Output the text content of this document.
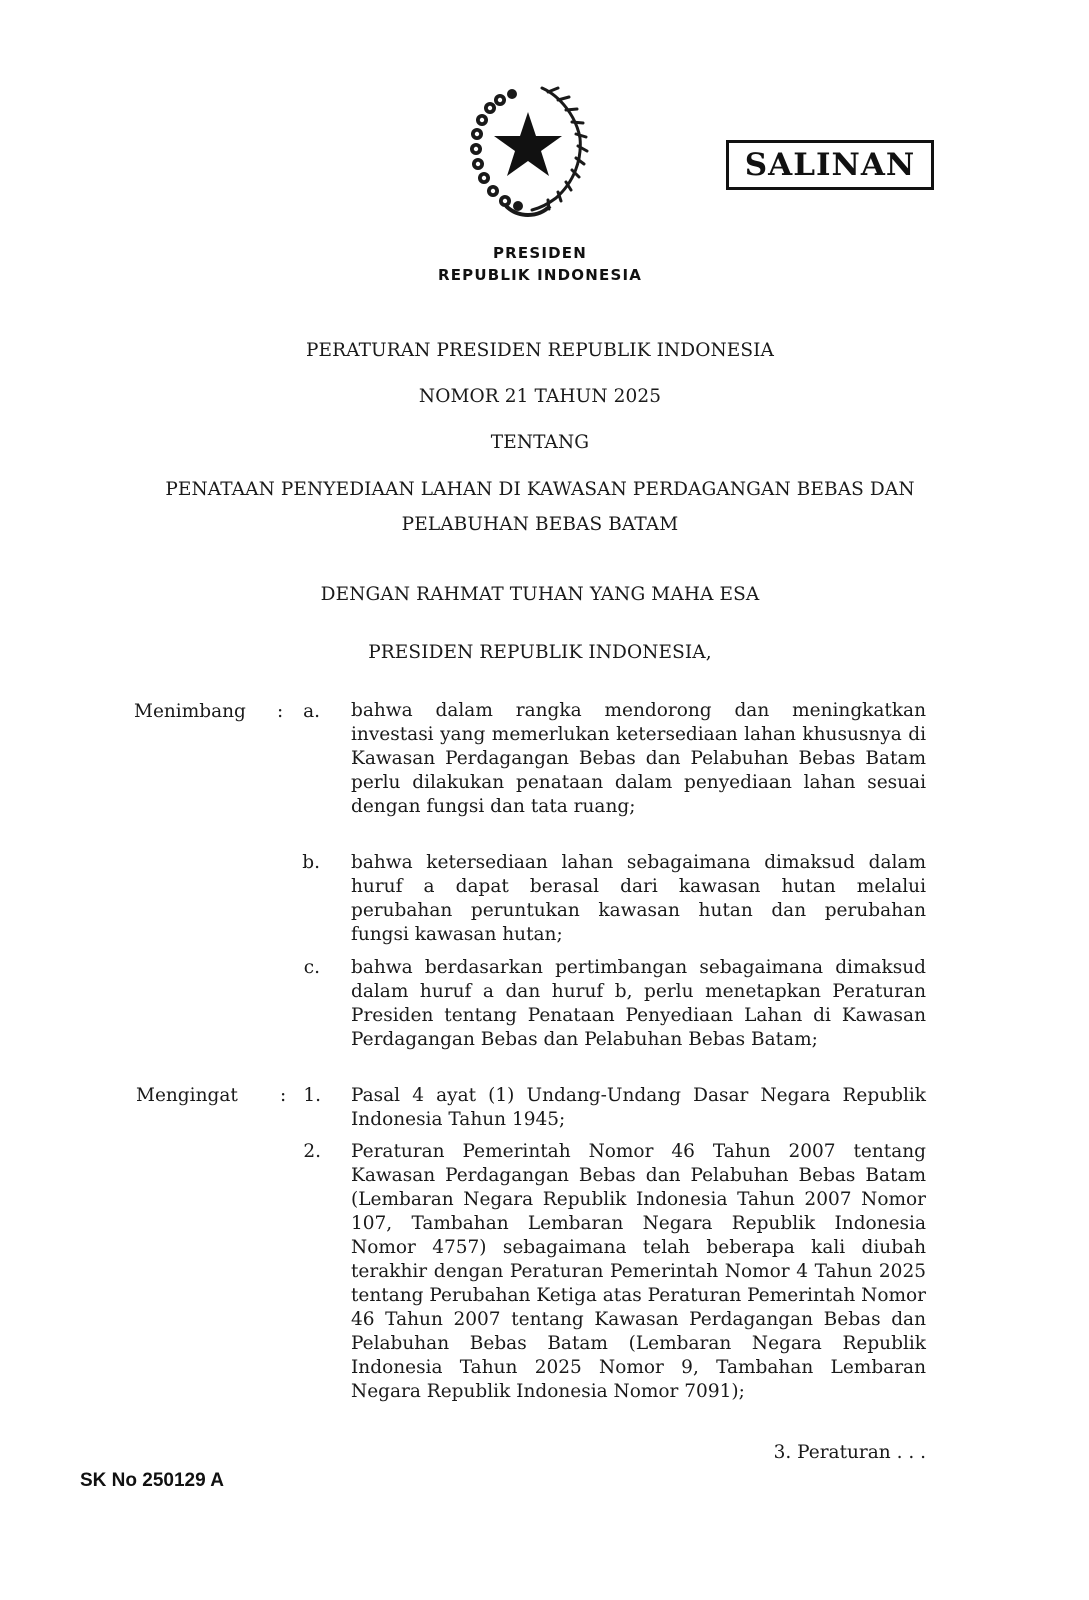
SALINAN
PRESIDEN
REPUBLIK INDONESIA
PERATURAN PRESIDEN REPUBLIK INDONESIA
NOMOR 21 TAHUN 2025
TENTANG
PENATAAN PENYEDIAAN LAHAN DI KAWASAN PERDAGANGAN BEBAS DAN
PELABUHAN BEBAS BATAM
DENGAN RAHMAT TUHAN YANG MAHA ESA
PRESIDEN REPUBLIK INDONESIA,
Menimbang :	a. bahwa dalam rangka mendorong dan meningkatkan investasi yang memerlukan ketersediaan lahan khususnya di Kawasan Perdagangan Bebas dan Pelabuhan Bebas Batam perlu dilakukan penataan dalam penyediaan lahan sesuai dengan fungsi dan tata ruang;
b. bahwa ketersediaan lahan sebagaimana dimaksud dalam huruf a dapat berasal dari kawasan hutan melalui perubahan peruntukan kawasan hutan dan perubahan fungsi kawasan hutan;
c. bahwa berdasarkan pertimbangan sebagaimana dimaksud dalam huruf a dan huruf b, perlu menetapkan Peraturan Presiden tentang Penataan Penyediaan Lahan di Kawasan Perdagangan Bebas dan Pelabuhan Bebas Batam;
Mengingat : 1. Pasal 4 ayat (1) Undang-Undang Dasar Negara Republik Indonesia Tahun 1945;
2. Peraturan Pemerintah Nomor 46 Tahun 2007 tentang Kawasan Perdagangan Bebas dan Pelabuhan Bebas Batam (Lembaran Negara Republik Indonesia Tahun 2007 Nomor 107, Tambahan Lembaran Negara Republik Indonesia Nomor 4757) sebagaimana telah beberapa kali diubah terakhir dengan Peraturan Pemerintah Nomor 4 Tahun 2025 tentang Perubahan Ketiga atas Peraturan Pemerintah Nomor 46 Tahun 2007 tentang Kawasan Perdagangan Bebas dan Pelabuhan Bebas Batam (Lembaran Negara Republik Indonesia Tahun 2025 Nomor 9, Tambahan Lembaran Negara Republik Indonesia Nomor 7091);
3. Peraturan . . .
SK No 250129 A
